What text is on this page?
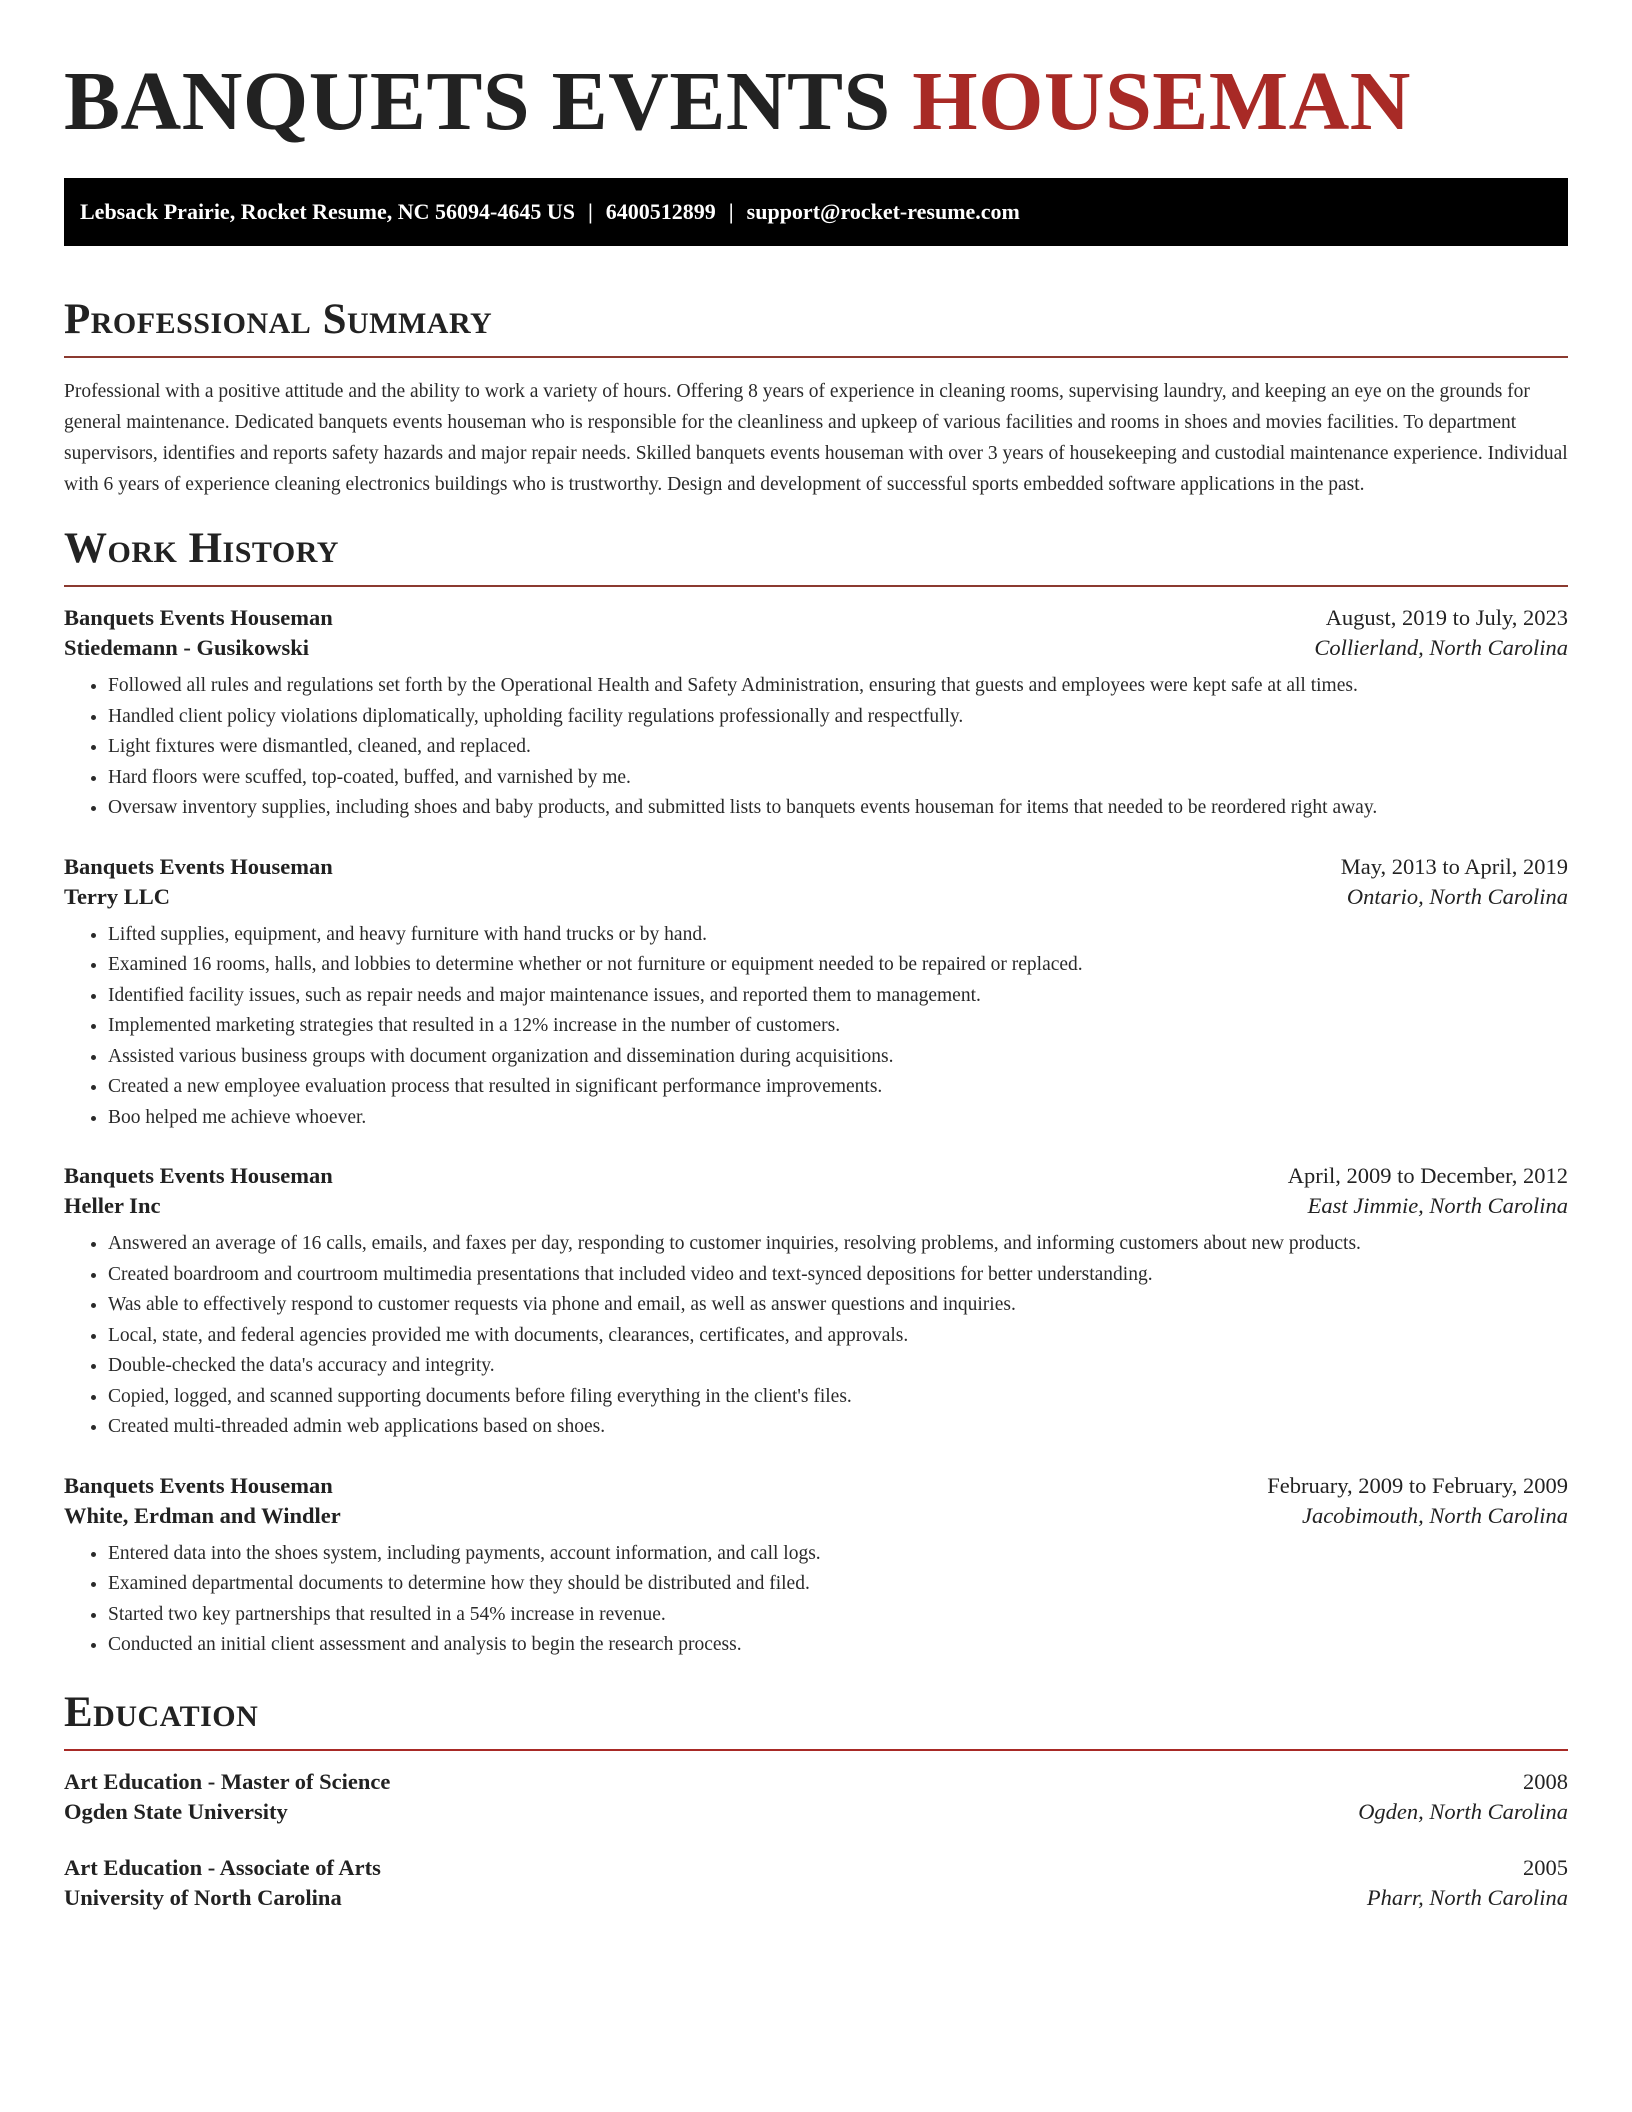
BANQUETS EVENTS HOUSEMAN
Lebsack Prairie, Rocket Resume, NC 56094-4645 US | 6400512899 | support@rocket-resume.com
Professional Summary

Professional with a positive attitude and the ability to work a variety of hours. Offering 8 years of experience in cleaning rooms, supervising laundry, and keeping an eye on the grounds for general maintenance. Dedicated banquets events houseman who is responsible for the cleanliness and upkeep of various facilities and rooms in shoes and movies facilities. To department supervisors, identifies and reports safety hazards and major repair needs. Skilled banquets events houseman with over 3 years of housekeeping and custodial maintenance experience. Individual with 6 years of experience cleaning electronics buildings who is trustworthy. Design and development of successful sports embedded software applications in the past.

Work History
Banquets Events Houseman	August, 2019 to July, 2023
Stiedemann - Gusikowski	Collierland, North Carolina
• Followed all rules and regulations set forth by the Operational Health and Safety Administration, ensuring that guests and employees were kept safe at all times.
• Handled client policy violations diplomatically, upholding facility regulations professionally and respectfully.
• Light fixtures were dismantled, cleaned, and replaced.
• Hard floors were scuffed, top-coated, buffed, and varnished by me.
• Oversaw inventory supplies, including shoes and baby products, and submitted lists to banquets events houseman for items that needed to be reordered right away.
Banquets Events Houseman	May, 2013 to April, 2019
Terry LLC	Ontario, North Carolina
• Lifted supplies, equipment, and heavy furniture with hand trucks or by hand.
• Examined 16 rooms, halls, and lobbies to determine whether or not furniture or equipment needed to be repaired or replaced.
• Identified facility issues, such as repair needs and major maintenance issues, and reported them to management.
• Implemented marketing strategies that resulted in a 12% increase in the number of customers.
• Assisted various business groups with document organization and dissemination during acquisitions.
• Created a new employee evaluation process that resulted in significant performance improvements.
• Boo helped me achieve whoever.
Banquets Events Houseman	April, 2009 to December, 2012
Heller Inc	East Jimmie, North Carolina
• Answered an average of 16 calls, emails, and faxes per day, responding to customer inquiries, resolving problems, and informing customers about new products.
• Created boardroom and courtroom multimedia presentations that included video and text-synced depositions for better understanding.
• Was able to effectively respond to customer requests via phone and email, as well as answer questions and inquiries.
• Local, state, and federal agencies provided me with documents, clearances, certificates, and approvals.
• Double-checked the data's accuracy and integrity.
• Copied, logged, and scanned supporting documents before filing everything in the client's files.
• Created multi-threaded admin web applications based on shoes.
Banquets Events Houseman	February, 2009 to February, 2009
White, Erdman and Windler	Jacobimouth, North Carolina
• Entered data into the shoes system, including payments, account information, and call logs.
• Examined departmental documents to determine how they should be distributed and filed.
• Started two key partnerships that resulted in a 54% increase in revenue.
• Conducted an initial client assessment and analysis to begin the research process.
Education
Art Education - Master of Science	2008
Ogden State University	Ogden, North Carolina
Art Education - Associate of Arts	2005
University of North Carolina	Pharr, North Carolina
